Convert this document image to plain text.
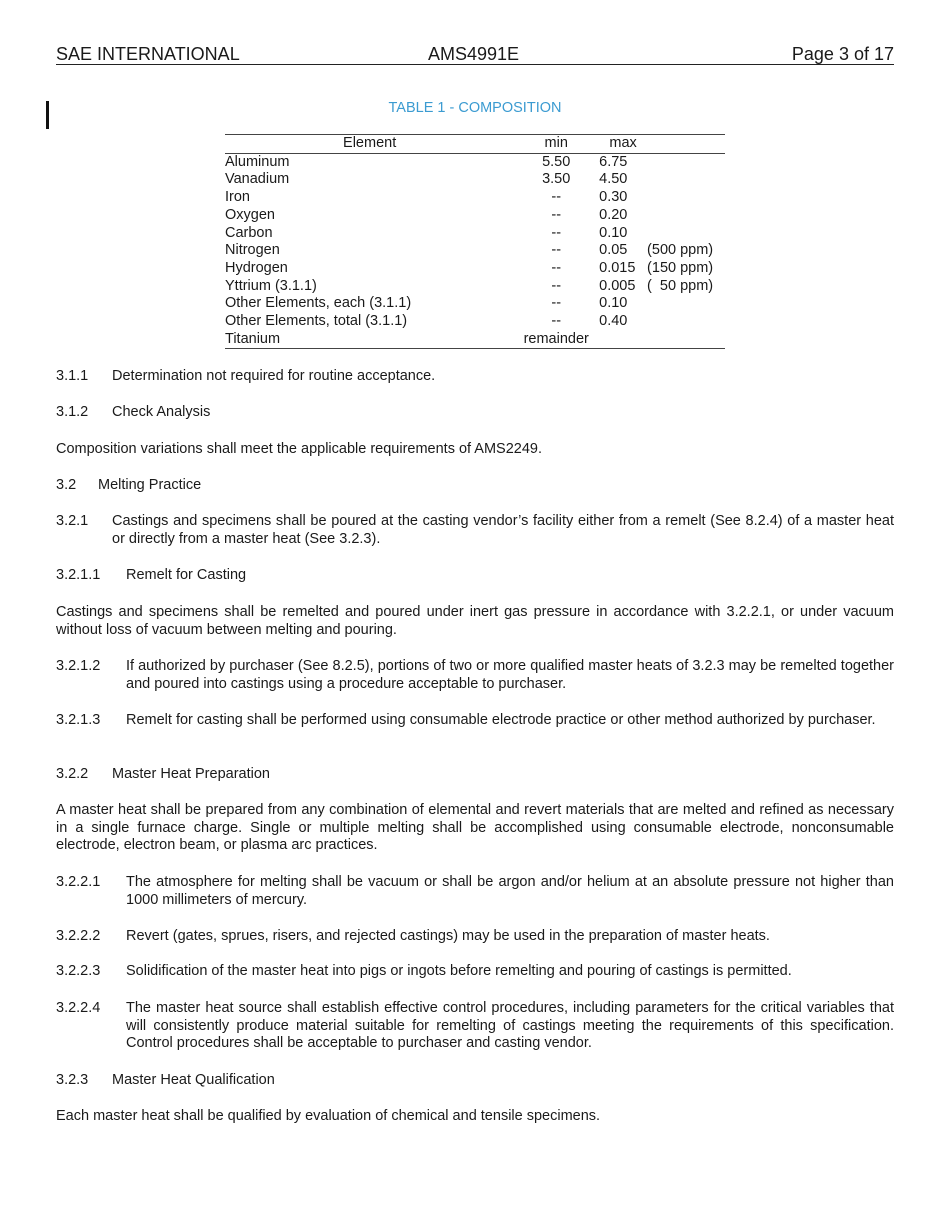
SAE INTERNATIONAL	AMS4991E	Page 3 of 17
TABLE 1 - COMPOSITION
Element	min	max	
Aluminum	5.50	6.75	
Vanadium	3.50	4.50	
Iron	--	0.30	
Oxygen	--	0.20	
Carbon	--	0.10	
Nitrogen	--	0.05	(500 ppm)
Hydrogen	--	0.015	(150 ppm)
Yttrium (3.1.1)	--	0.005	(  50 ppm)
Other Elements, each (3.1.1)	--	0.10	
Other Elements, total (3.1.1)	--	0.40	
Titanium	remainder		
3.1.1	Determination not required for routine acceptance.
3.1.2 Check Analysis
Composition variations shall meet the applicable requirements of AMS2249.
3.2 Melting Practice
3.2.1	Castings and specimens shall be poured at the casting vendor’s facility either from a remelt (See 8.2.4) of a master heat or directly from a master heat (See 3.2.3).
3.2.1.1 Remelt for Casting
Castings and specimens shall be remelted and poured under inert gas pressure in accordance with 3.2.2.1, or under vacuum without loss of vacuum between melting and pouring.
3.2.1.2	If authorized by purchaser (See 8.2.5), portions of two or more qualified master heats of 3.2.3 may be remelted together and poured into castings using a procedure acceptable to purchaser.
3.2.1.3	Remelt for casting shall be performed using consumable electrode practice or other method authorized by purchaser.
3.2.2 Master Heat Preparation
A master heat shall be prepared from any combination of elemental and revert materials that are melted and refined as necessary in a single furnace charge. Single or multiple melting shall be accomplished using consumable electrode, nonconsumable electrode, electron beam, or plasma arc practices.
3.2.2.1	The atmosphere for melting shall be vacuum or shall be argon and/or helium at an absolute pressure not higher than 1000 millimeters of mercury.
3.2.2.2	Revert (gates, sprues, risers, and rejected castings) may be used in the preparation of master heats.
3.2.2.3	Solidification of the master heat into pigs or ingots before remelting and pouring of castings is permitted.
3.2.2.4	The master heat source shall establish effective control procedures, including parameters for the critical variables that will consistently produce material suitable for remelting of castings meeting the requirements of this specification. Control procedures shall be acceptable to purchaser and casting vendor.
3.2.3 Master Heat Qualification
Each master heat shall be qualified by evaluation of chemical and tensile specimens.
